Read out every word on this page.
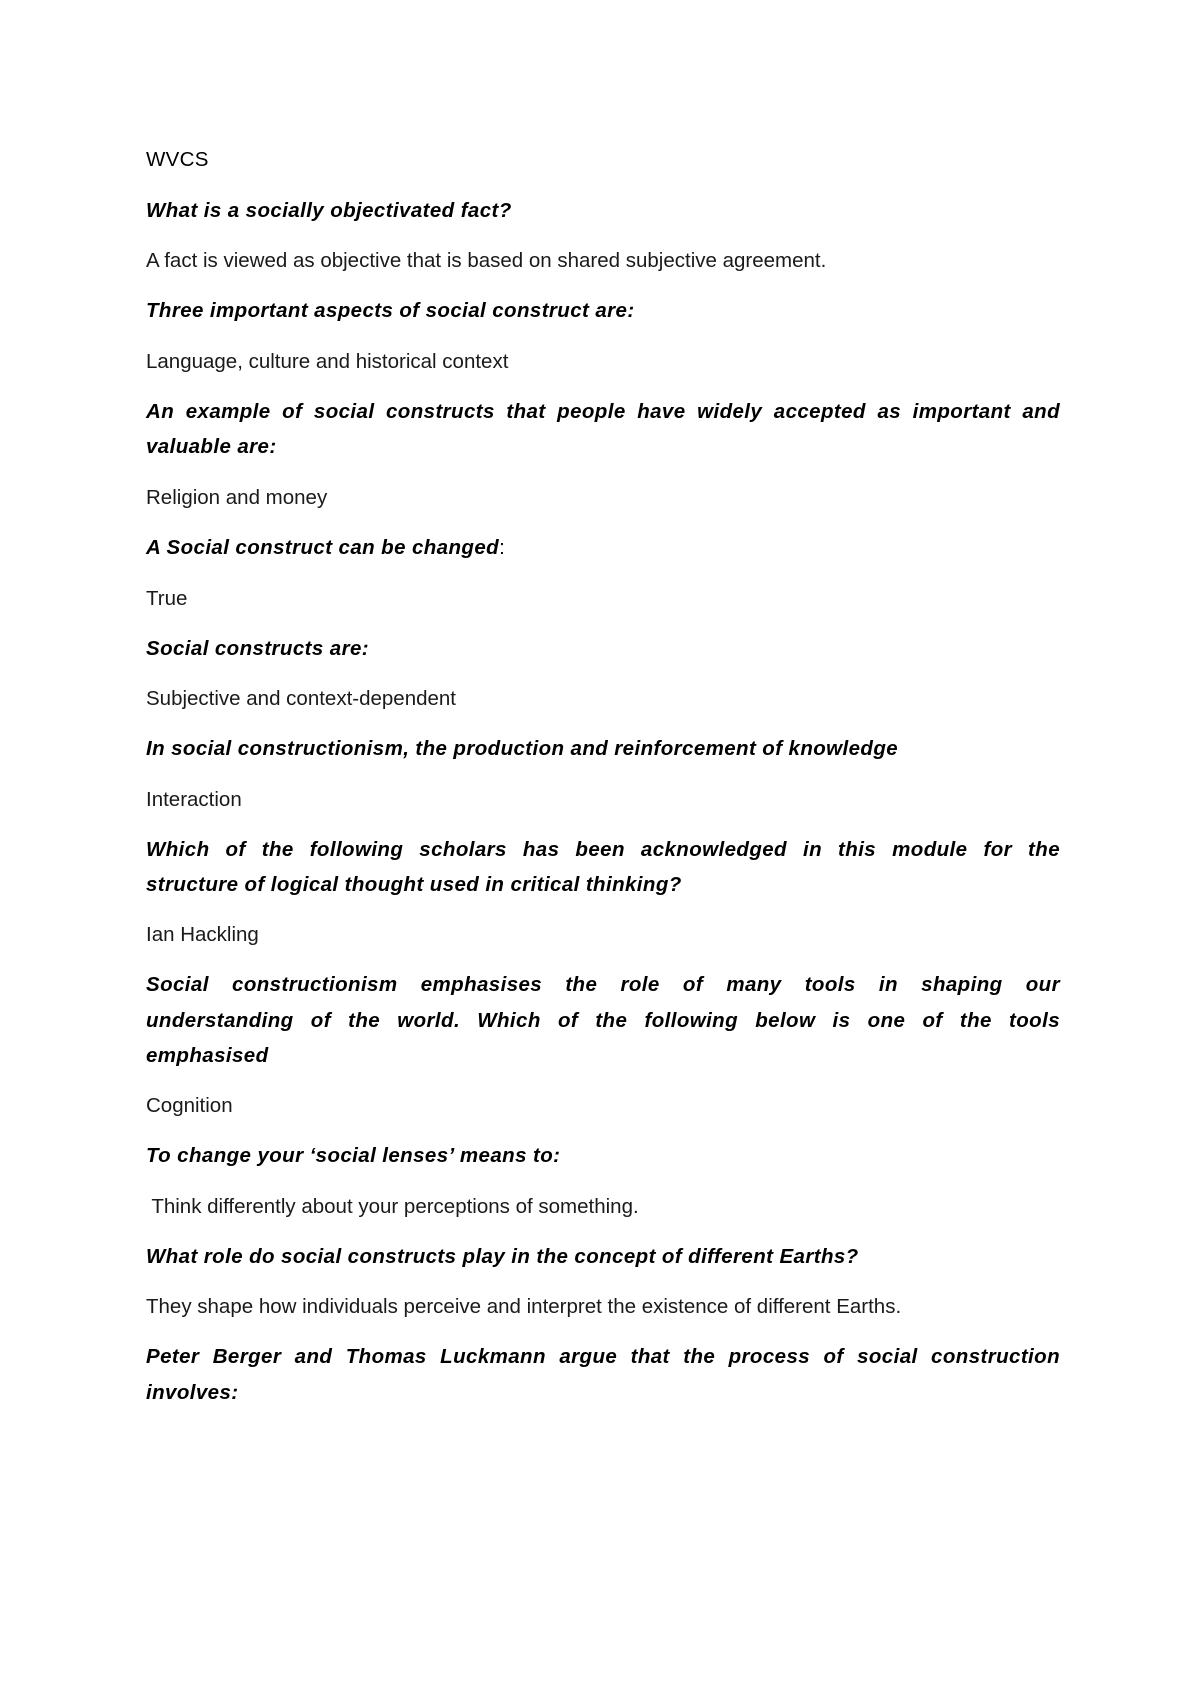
WVCS

What is a socially objectivated fact?

A fact is viewed as objective that is based on shared subjective agreement.

Three important aspects of social construct are:

Language, culture and historical context

An example of social constructs that people have widely accepted as important and

valuable are:

Religion and money

A Social construct can be changed:

True

Social constructs are:

Subjective and context-dependent

In social constructionism, the production and reinforcement of knowledge

Interaction

Which of the following scholars has been acknowledged in this module for the

structure of logical thought used in critical thinking?

Ian Hackling

Social constructionism emphasises the role of many tools in shaping our

understanding of the world. Which of the following below is one of the tools

emphasised

Cognition

To change your ‘social lenses’ means to:

Think differently about your perceptions of something.

What role do social constructs play in the concept of different Earths?

They shape how individuals perceive and interpret the existence of different Earths.

Peter Berger and Thomas Luckmann argue that the process of social construction

involves:
